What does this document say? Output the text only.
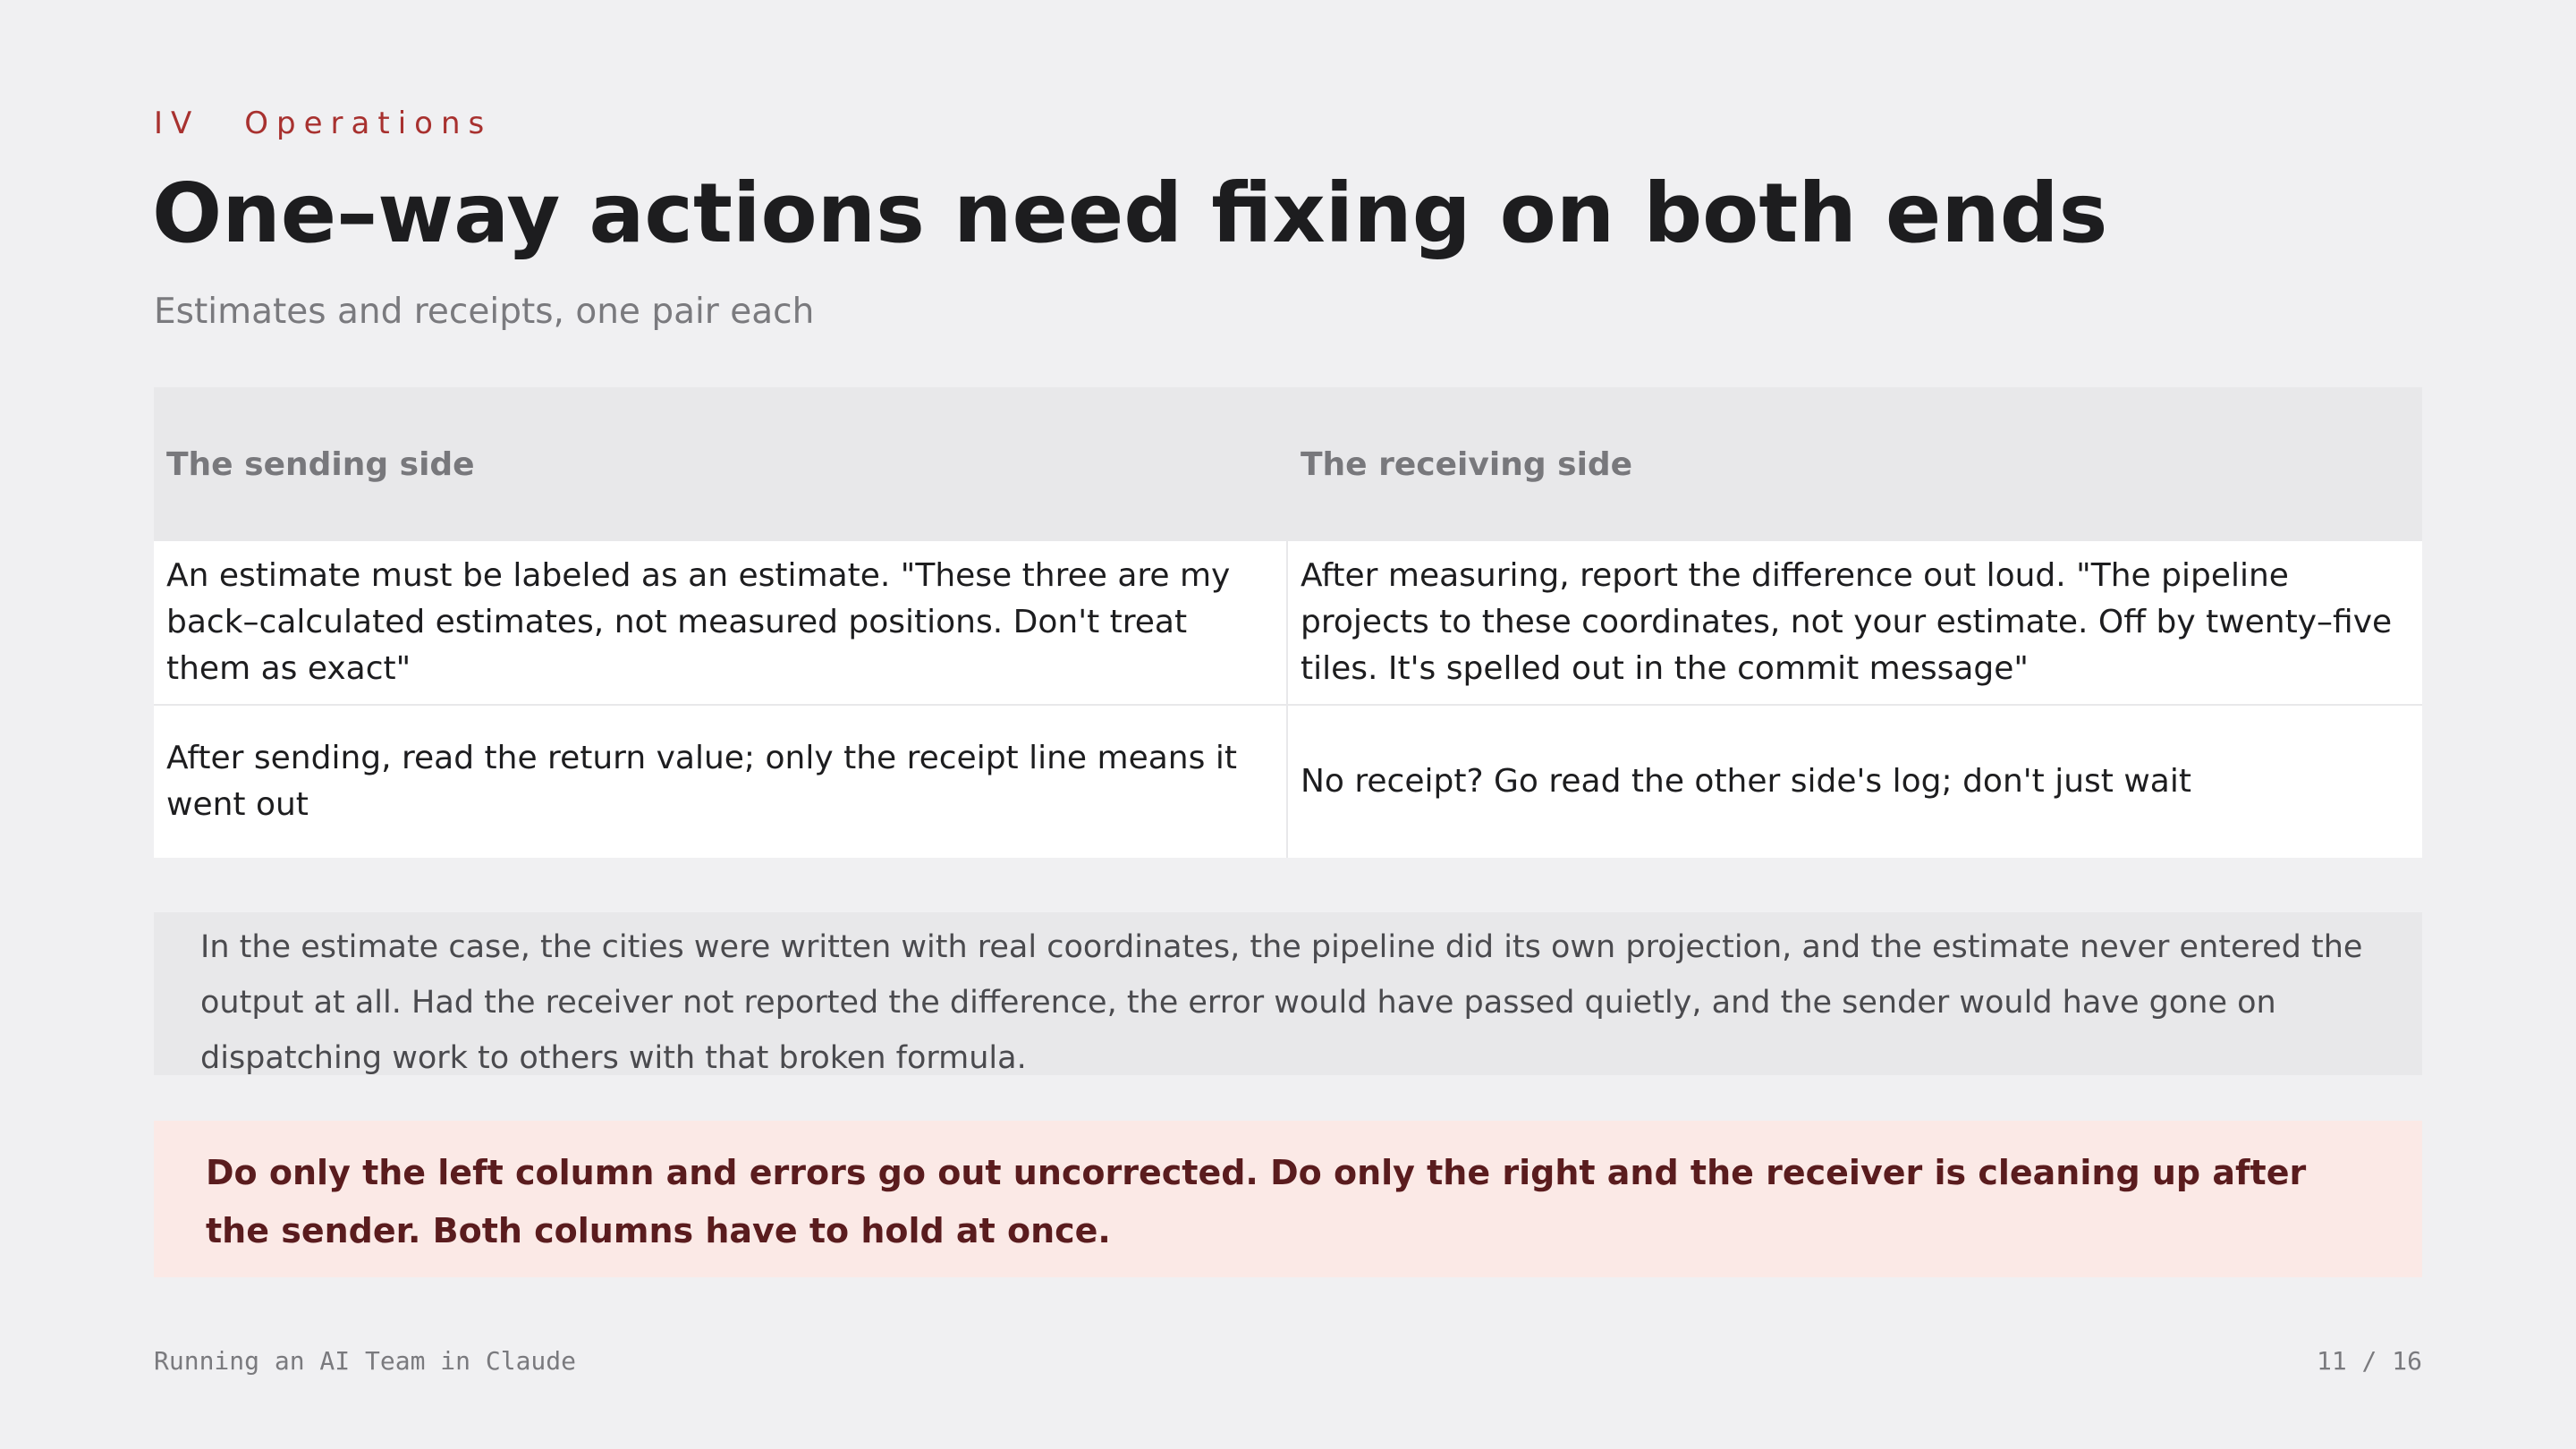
IV Operations
One–way actions need fixing on both ends
Estimates and receipts, one pair each
The sending side	The receiving side
An estimate must be labeled as an estimate. "These three are my back–calculated estimates, not measured positions. Don't treat them as exact"	After measuring, report the difference out loud. "The pipeline projects to these coordinates, not your estimate. Off by twenty–five tiles. It's spelled out in the commit message"
After sending, read the return value; only the receipt line means it went out	No receipt? Go read the other side's log; don't just wait
In the estimate case, the cities were written with real coordinates, the pipeline did its own projection, and the estimate never entered the output at all. Had the receiver not reported the difference, the error would have passed quietly, and the sender would have gone on dispatching work to others with that broken formula.
Do only the left column and errors go out uncorrected. Do only the right and the receiver is cleaning up after the sender. Both columns have to hold at once.
Running an AI Team in Claude	11 / 16
